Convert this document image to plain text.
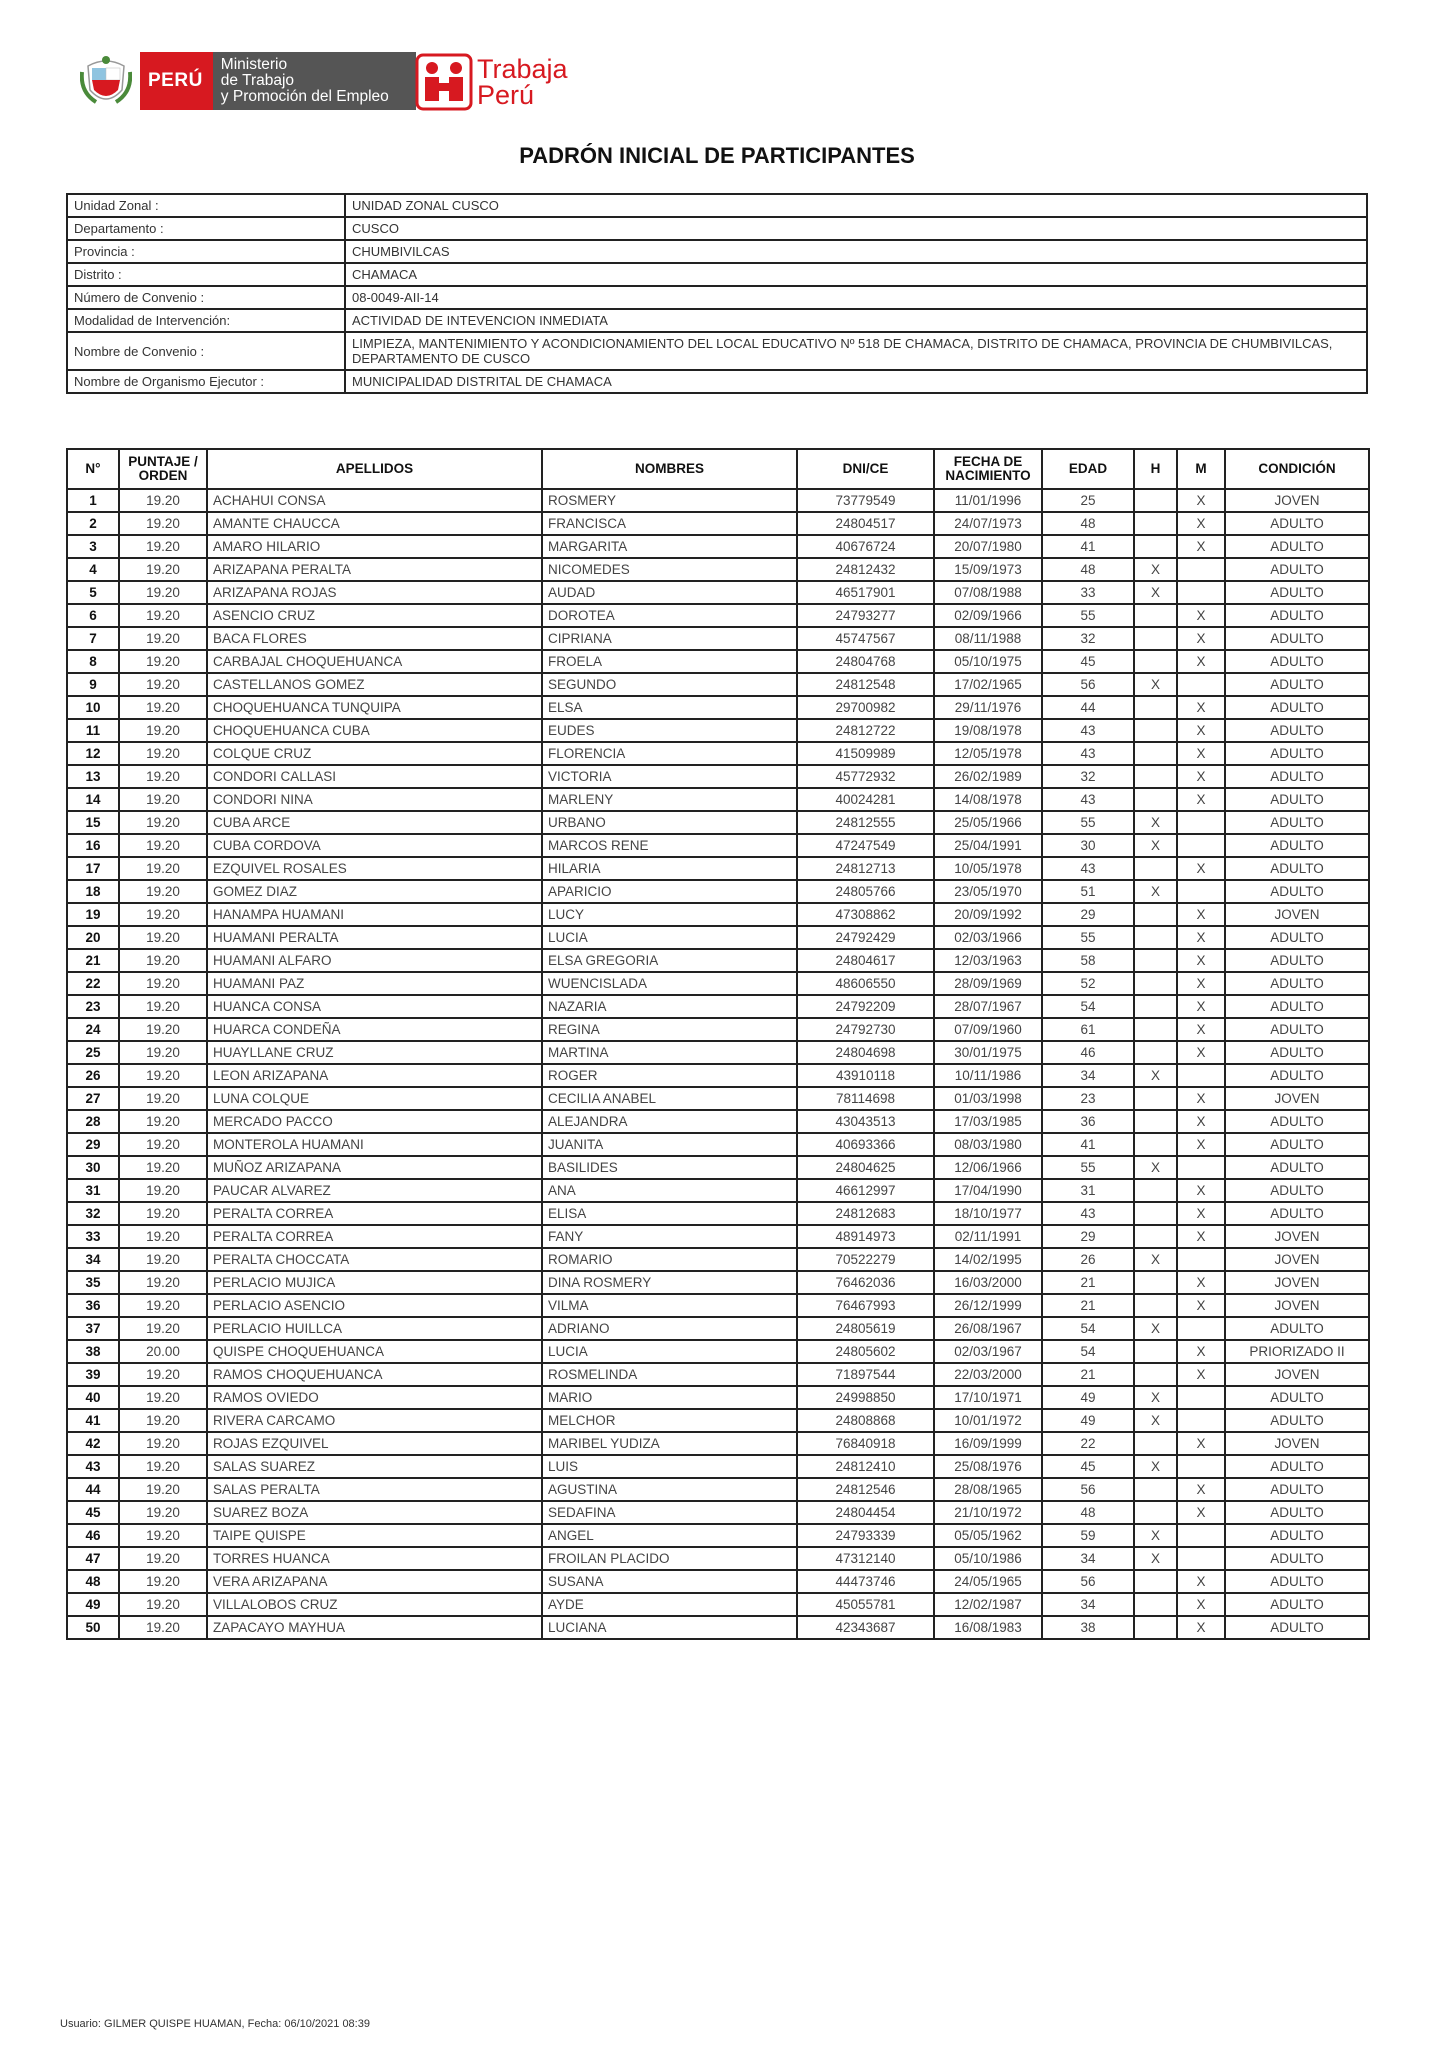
PERÚ
Ministerio
de Trabajo
y Promoción del Empleo
Trabaja
Perú
PADRÓN INICIAL DE PARTICIPANTES
Unidad Zonal :	UNIDAD ZONAL CUSCO
Departamento :	CUSCO
Provincia :	CHUMBIVILCAS
Distrito :	CHAMACA
Número de Convenio :	08-0049-AII-14
Modalidad de Intervención:	ACTIVIDAD DE INTEVENCION INMEDIATA
Nombre de Convenio :	LIMPIEZA, MANTENIMIENTO Y ACONDICIONAMIENTO DEL LOCAL EDUCATIVO Nº 518 DE CHAMACA, DISTRITO DE CHAMACA, PROVINCIA DE CHUMBIVILCAS, DEPARTAMENTO DE CUSCO
Nombre de Organismo Ejecutor :	MUNICIPALIDAD DISTRITAL DE CHAMACA
N°	PUNTAJE / ORDEN	APELLIDOS	NOMBRES	DNI/CE	FECHA DE NACIMIENTO	EDAD	H	M	CONDICIÓN
1	19.20	ACHAHUI CONSA	ROSMERY	73779549	11/01/1996	25		X	JOVEN
2	19.20	AMANTE CHAUCCA	FRANCISCA	24804517	24/07/1973	48		X	ADULTO
3	19.20	AMARO HILARIO	MARGARITA	40676724	20/07/1980	41		X	ADULTO
4	19.20	ARIZAPANA PERALTA	NICOMEDES	24812432	15/09/1973	48	X		ADULTO
5	19.20	ARIZAPANA ROJAS	AUDAD	46517901	07/08/1988	33	X		ADULTO
6	19.20	ASENCIO CRUZ	DOROTEA	24793277	02/09/1966	55		X	ADULTO
7	19.20	BACA FLORES	CIPRIANA	45747567	08/11/1988	32		X	ADULTO
8	19.20	CARBAJAL CHOQUEHUANCA	FROELA	24804768	05/10/1975	45		X	ADULTO
9	19.20	CASTELLANOS GOMEZ	SEGUNDO	24812548	17/02/1965	56	X		ADULTO
10	19.20	CHOQUEHUANCA TUNQUIPA	ELSA	29700982	29/11/1976	44		X	ADULTO
11	19.20	CHOQUEHUANCA CUBA	EUDES	24812722	19/08/1978	43		X	ADULTO
12	19.20	COLQUE CRUZ	FLORENCIA	41509989	12/05/1978	43		X	ADULTO
13	19.20	CONDORI CALLASI	VICTORIA	45772932	26/02/1989	32		X	ADULTO
14	19.20	CONDORI NINA	MARLENY	40024281	14/08/1978	43		X	ADULTO
15	19.20	CUBA ARCE	URBANO	24812555	25/05/1966	55	X		ADULTO
16	19.20	CUBA CORDOVA	MARCOS RENE	47247549	25/04/1991	30	X		ADULTO
17	19.20	EZQUIVEL ROSALES	HILARIA	24812713	10/05/1978	43		X	ADULTO
18	19.20	GOMEZ DIAZ	APARICIO	24805766	23/05/1970	51	X		ADULTO
19	19.20	HANAMPA HUAMANI	LUCY	47308862	20/09/1992	29		X	JOVEN
20	19.20	HUAMANI PERALTA	LUCIA	24792429	02/03/1966	55		X	ADULTO
21	19.20	HUAMANI ALFARO	ELSA GREGORIA	24804617	12/03/1963	58		X	ADULTO
22	19.20	HUAMANI PAZ	WUENCISLADA	48606550	28/09/1969	52		X	ADULTO
23	19.20	HUANCA CONSA	NAZARIA	24792209	28/07/1967	54		X	ADULTO
24	19.20	HUARCA CONDEÑA	REGINA	24792730	07/09/1960	61		X	ADULTO
25	19.20	HUAYLLANE CRUZ	MARTINA	24804698	30/01/1975	46		X	ADULTO
26	19.20	LEON ARIZAPANA	ROGER	43910118	10/11/1986	34	X		ADULTO
27	19.20	LUNA COLQUE	CECILIA ANABEL	78114698	01/03/1998	23		X	JOVEN
28	19.20	MERCADO PACCO	ALEJANDRA	43043513	17/03/1985	36		X	ADULTO
29	19.20	MONTEROLA HUAMANI	JUANITA	40693366	08/03/1980	41		X	ADULTO
30	19.20	MUÑOZ ARIZAPANA	BASILIDES	24804625	12/06/1966	55	X		ADULTO
31	19.20	PAUCAR ALVAREZ	ANA	46612997	17/04/1990	31		X	ADULTO
32	19.20	PERALTA CORREA	ELISA	24812683	18/10/1977	43		X	ADULTO
33	19.20	PERALTA CORREA	FANY	48914973	02/11/1991	29		X	JOVEN
34	19.20	PERALTA CHOCCATA	ROMARIO	70522279	14/02/1995	26	X		JOVEN
35	19.20	PERLACIO MUJICA	DINA ROSMERY	76462036	16/03/2000	21		X	JOVEN
36	19.20	PERLACIO ASENCIO	VILMA	76467993	26/12/1999	21		X	JOVEN
37	19.20	PERLACIO HUILLCA	ADRIANO	24805619	26/08/1967	54	X		ADULTO
38	20.00	QUISPE CHOQUEHUANCA	LUCIA	24805602	02/03/1967	54		X	PRIORIZADO II
39	19.20	RAMOS CHOQUEHUANCA	ROSMELINDA	71897544	22/03/2000	21		X	JOVEN
40	19.20	RAMOS OVIEDO	MARIO	24998850	17/10/1971	49	X		ADULTO
41	19.20	RIVERA CARCAMO	MELCHOR	24808868	10/01/1972	49	X		ADULTO
42	19.20	ROJAS EZQUIVEL	MARIBEL YUDIZA	76840918	16/09/1999	22		X	JOVEN
43	19.20	SALAS SUAREZ	LUIS	24812410	25/08/1976	45	X		ADULTO
44	19.20	SALAS PERALTA	AGUSTINA	24812546	28/08/1965	56		X	ADULTO
45	19.20	SUAREZ BOZA	SEDAFINA	24804454	21/10/1972	48		X	ADULTO
46	19.20	TAIPE QUISPE	ANGEL	24793339	05/05/1962	59	X		ADULTO
47	19.20	TORRES HUANCA	FROILAN PLACIDO	47312140	05/10/1986	34	X		ADULTO
48	19.20	VERA ARIZAPANA	SUSANA	44473746	24/05/1965	56		X	ADULTO
49	19.20	VILLALOBOS CRUZ	AYDE	45055781	12/02/1987	34		X	ADULTO
50	19.20	ZAPACAYO MAYHUA	LUCIANA	42343687	16/08/1983	38		X	ADULTO
Usuario: GILMER QUISPE HUAMAN, Fecha: 06/10/2021 08:39
